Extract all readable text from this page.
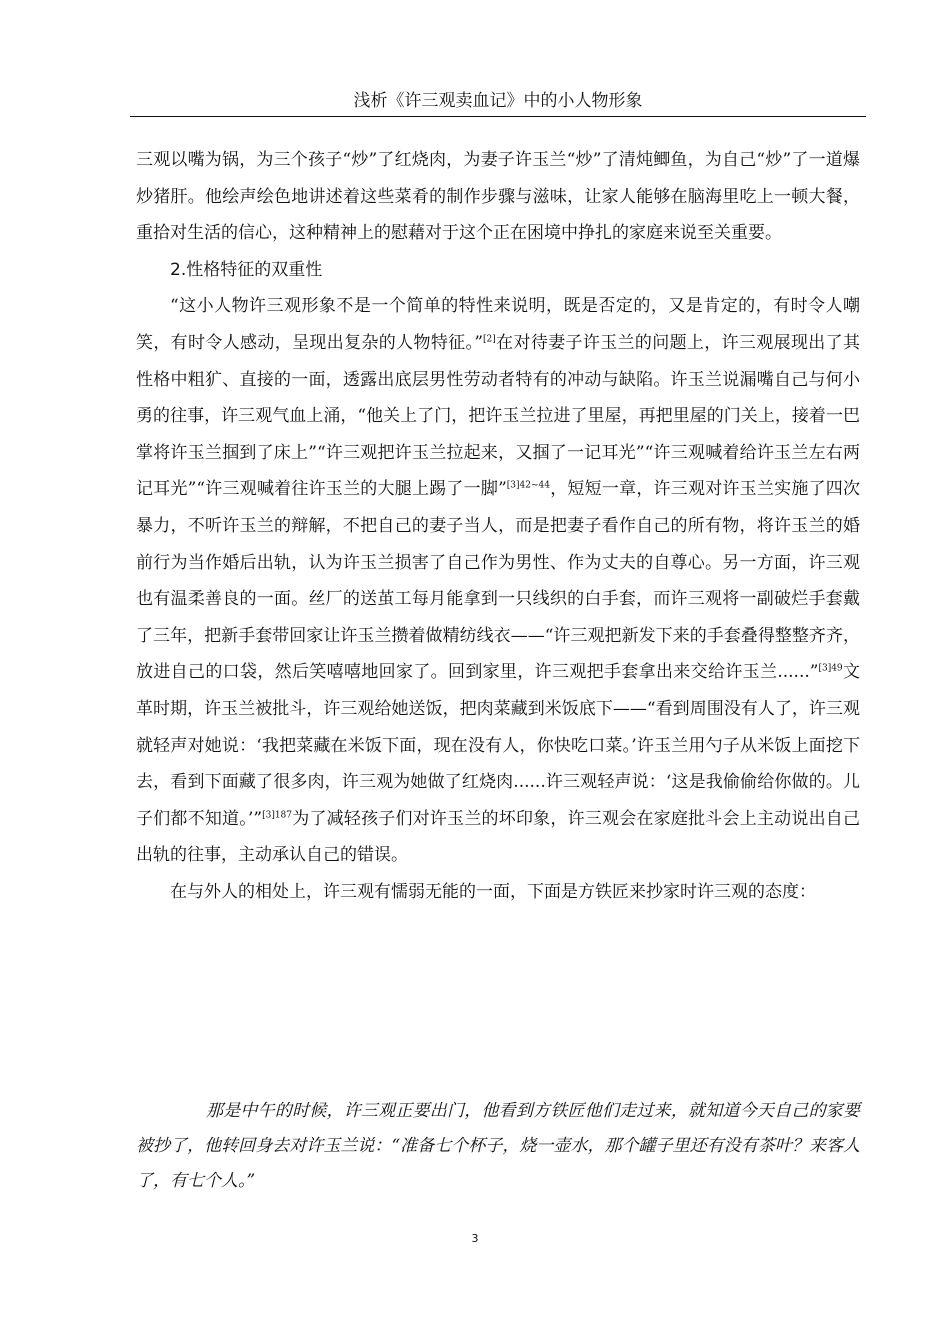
浅析《许三观卖血记》中的小人物形象

三观以嘴为锅，为三个孩子“炒”了红烧肉，为妻子许玉兰“炒”了清炖鲫鱼，为自己“炒”了一道爆炒猪肝。他绘声绘色地讲述着这些菜肴的制作步骤与滋味，让家人能够在脑海里吃上一顿大餐，重拾对生活的信心，这种精神上的慰藉对于这个正在困境中挣扎的家庭来说至关重要。

2.性格特征的双重性

“这小人物许三观形象不是一个简单的特性来说明，既是否定的，又是肯定的，有时令人嘲笑，有时令人感动，呈现出复杂的人物特征。”[2]在对待妻子许玉兰的问题上，许三观展现出了其性格中粗犷、直接的一面，透露出底层男性劳动者特有的冲动与缺陷。许玉兰说漏嘴自己与何小勇的往事，许三观气血上涌，“他关上了门，把许玉兰拉进了里屋，再把里屋的门关上，接着一巴掌将许玉兰掴到了床上”“许三观把许玉兰拉起来，又掴了一记耳光”“许三观喊着给许玉兰左右两记耳光”“许三观喊着往许玉兰的大腿上踢了一脚”$^{[3]42\sim 44}$，短短一章，许三观对许玉兰实施了四次暴力，不听许玉兰的辩解，不把自己的妻子当人，而是把妻子看作自己的所有物，将许玉兰的婚前行为当作婚后出轨，认为许玉兰损害了自己作为男性、作为丈夫的自尊心。另一方面，许三观也有温柔善良的一面。丝厂的送茧工每月能拿到一只线织的白手套，而许三观将一副破烂手套戴了三年，把新手套带回家让许玉兰攒着做精纺线衣——“许三观把新发下来的手套叠得整整齐齐，放进自己的口袋，然后笑嘻嘻地回家了。回到家里，许三观把手套拿出来交给许玉兰......”$^{[3]49}$文革时期，许玉兰被批斗，许三观给她送饭，把肉菜藏到米饭底下——“看到周围没有人了，许三观就轻声对她说：‘我把菜藏在米饭下面，现在没有人，你快吃口菜。’许玉兰用勺子从米饭上面挖下去，看到下面藏了很多肉，许三观为她做了红烧肉......许三观轻声说：‘这是我偷偷给你做的。儿子们都不知道。’”$^{[3]187}$为了减轻孩子们对许玉兰的坏印象，许三观会在家庭批斗会上主动说出自己出轨的往事，主动承认自己的错误。

在与外人的相处上，许三观有懦弱无能的一面，下面是方铁匠来抄家时许三观的态度：

那是中午的时候，许三观正要出门，他看到方铁匠他们走过来，就知道今天自己的家要被抄了，他转回身去对许玉兰说：“准备七个杯子，烧一壶水，那个罐子里还有没有茶叶？来客人了，有七个人。”
3
